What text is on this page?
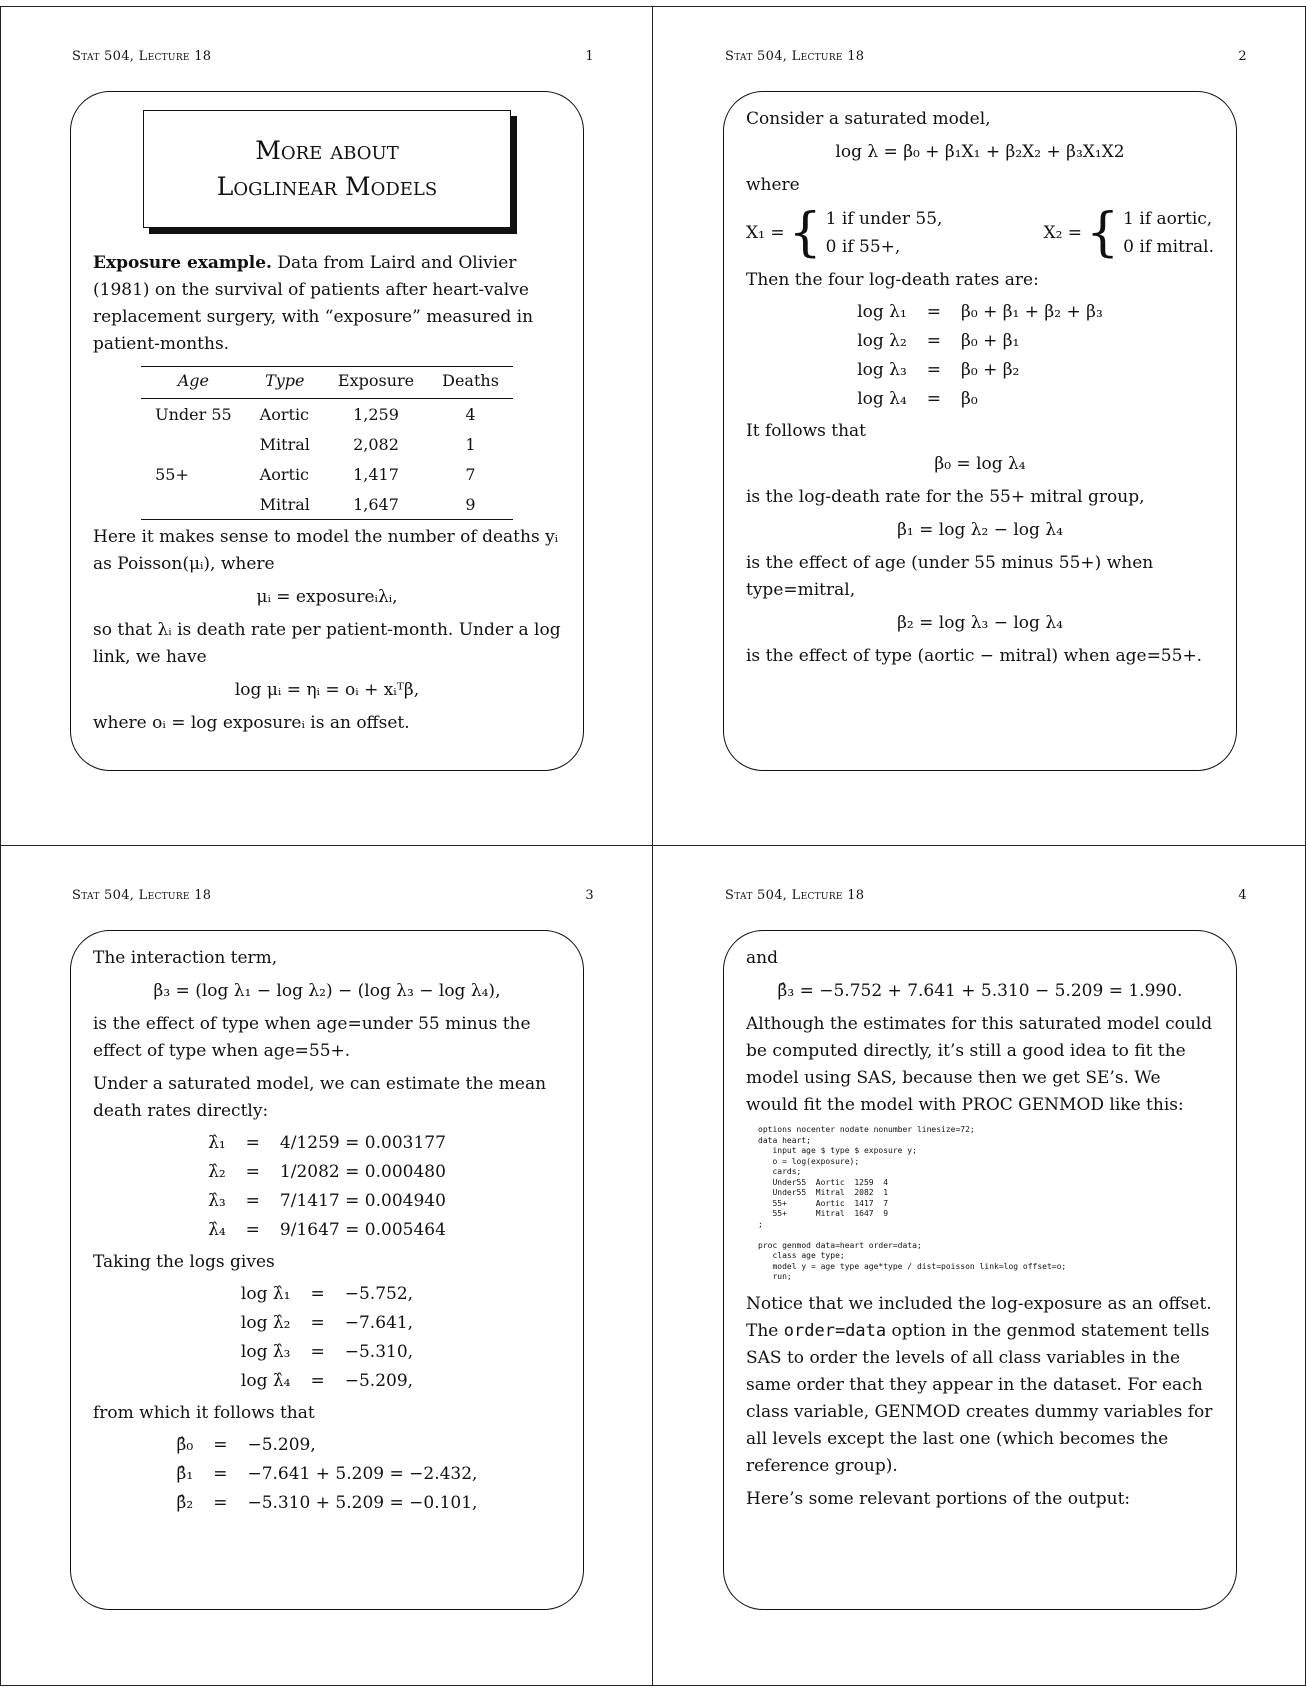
Stat 504, Lecture 18	1
More about
Loglinear Models

Exposure example. Data from Laird and Olivier (1981) on the survival of patients after heart-valve replacement surgery, with “exposure” measured in patient-months.

Age	Type	Exposure	Deaths
Under 55	Aortic	1,259	4
	Mitral	2,082	1
55+	Aortic	1,417	7
	Mitral	1,647	9

Here it makes sense to model the number of deaths yᵢ as Poisson(μᵢ), where

μᵢ = exposureᵢλᵢ,

so that λᵢ is death rate per patient-month. Under a log link, we have

log μᵢ = ηᵢ = oᵢ + xᵢᵀβ,

where oᵢ = log exposureᵢ is an offset.

Stat 504, Lecture 18	2

Consider a saturated model,

log λ = β₀ + β₁X₁ + β₂X₂ + β₃X₁X2

where

X₁ = { 1 if under 55,
0 if 55+,
X₂ = { 1 if aortic,
0 if mitral.

Then the four log-death rates are:

log λ₁	=	β₀ + β₁ + β₂ + β₃
log λ₂	=	β₀ + β₁
log λ₃	=	β₀ + β₂
log λ₄	=	β₀

It follows that

β₀ = log λ₄

is the log-death rate for the 55+ mitral group,

β₁ = log λ₂ − log λ₄

is the effect of age (under 55 minus 55+) when type=mitral,

β₂ = log λ₃ − log λ₄

is the effect of type (aortic − mitral) when age=55+.

Stat 504, Lecture 18	3

The interaction term,

β₃ = (log λ₁ − log λ₂) − (log λ₃ − log λ₄),

is the effect of type when age=under 55 minus the effect of type when age=55+.

Under a saturated model, we can estimate the mean death rates directly:

λ̂₁	=	4/1259 = 0.003177
λ̂₂	=	1/2082 = 0.000480
λ̂₃	=	7/1417 = 0.004940
λ̂₄	=	9/1647 = 0.005464

Taking the logs gives

log λ̂₁	=	−5.752,
log λ̂₂	=	−7.641,
log λ̂₃	=	−5.310,
log λ̂₄	=	−5.209,

from which it follows that

β̂₀	=	−5.209,
β̂₁	=	−7.641 + 5.209 = −2.432,
β̂₂	=	−5.310 + 5.209 = −0.101,
Stat 504, Lecture 18	4

and

β̂₃ = −5.752 + 7.641 + 5.310 − 5.209 = 1.990.

Although the estimates for this saturated model could be computed directly, it’s still a good idea to fit the model using SAS, because then we get SE’s. We would fit the model with PROC GENMOD like this:

options nocenter nodate nonumber linesize=72;
data heart;
input age $ type $ exposure y;
o = log(exposure);
cards;
Under55  Aortic  1259  4
Under55  Mitral  2082  1
55+      Aortic  1417  7
55+      Mitral  1647  9
;

proc genmod data=heart order=data;
class age type;
model y = age type age*type / dist=poisson link=log offset=o;
run;

Notice that we included the log-exposure as an offset. The order=data option in the genmod statement tells SAS to order the levels of all class variables in the same order that they appear in the dataset. For each class variable, GENMOD creates dummy variables for all levels except the last one (which becomes the reference group).

Here’s some relevant portions of the output:
